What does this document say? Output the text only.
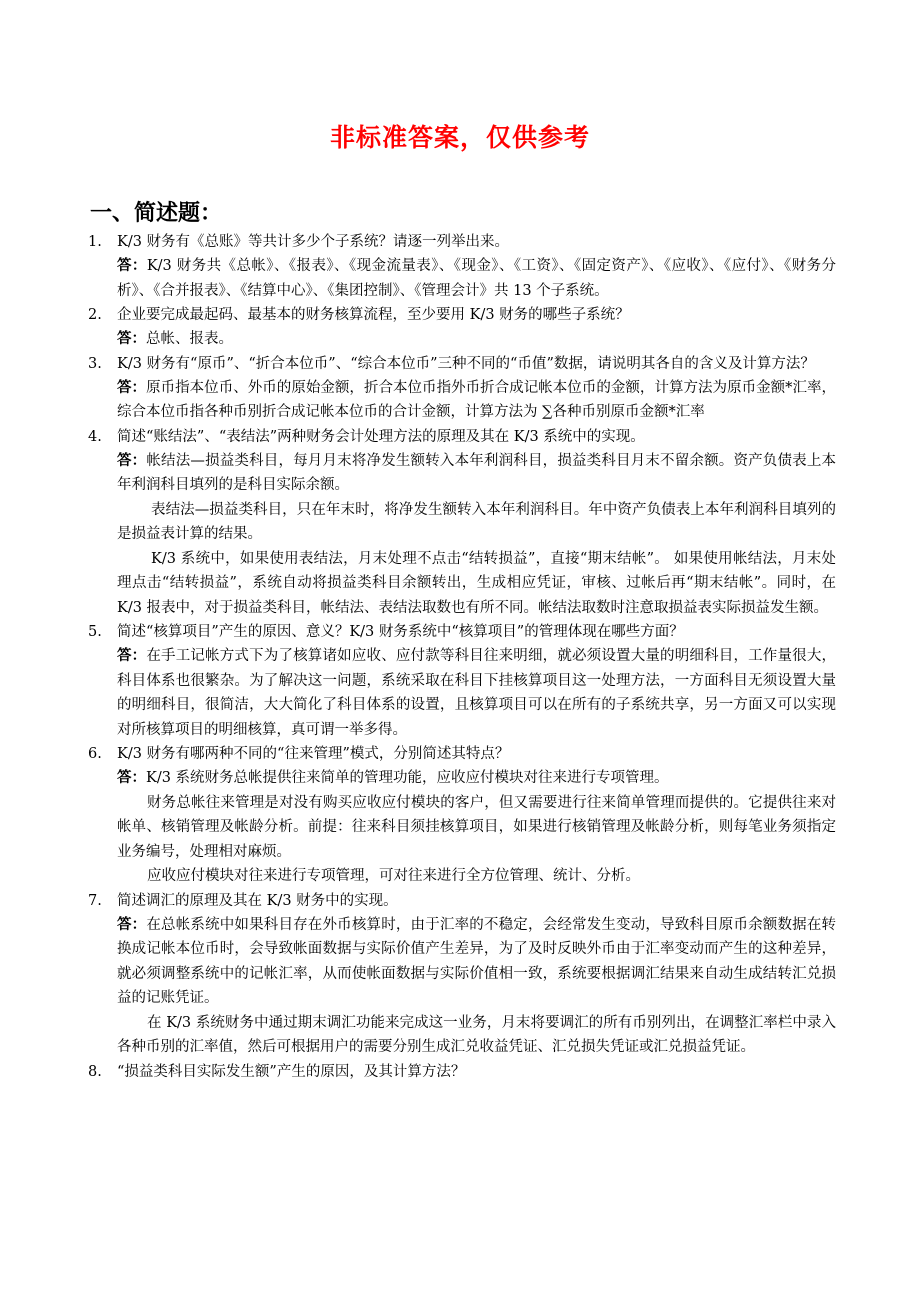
非标准答案，仅供参考
一、简述题：
1. K/3 财务有《总账》等共计多少个子系统？请逐一列举出来。
答：K/3 财务共《总帐》、《报表》、《现金流量表》、《现金》、《工资》、《固定资产》、《应收》、《应付》、《财务分析》、《合并报表》、《结算中心》、《集团控制》、《管理会计》共 13 个子系统。
2. 企业要完成最起码、最基本的财务核算流程，至少要用 K/3 财务的哪些子系统？
答：总帐、报表。
3. K/3 财务有“原币”、“折合本位币”、“综合本位币”三种不同的“币值”数据，请说明其各自的含义及计算方法？
答：原币指本位币、外币的原始金额，折合本位币指外币折合成记帐本位币的金额，计算方法为原币金额*汇率，综合本位币指各种币别折合成记帐本位币的合计金额，计算方法为 ∑各种币别原币金额*汇率
4. 简述“账结法”、“表结法”两种财务会计处理方法的原理及其在 K/3 系统中的实现。
答：帐结法—损益类科目，每月月末将净发生额转入本年利润科目，损益类科目月末不留余额。资产负债表上本年利润科目填列的是科目实际余额。
表结法—损益类科目，只在年末时，将净发生额转入本年利润科目。年中资产负债表上本年利润科目填列的是损益表计算的结果。
K/3 系统中，如果使用表结法，月末处理不点击“结转损益”，直接“期末结帐”。 如果使用帐结法，月末处理点击“结转损益”，系统自动将损益类科目余额转出，生成相应凭证，审核、过帐后再“期末结帐”。同时，在 K/3 报表中，对于损益类科目，帐结法、表结法取数也有所不同。帐结法取数时注意取损益表实际损益发生额。
5. 简述“核算项目”产生的原因、意义？K/3 财务系统中“核算项目”的管理体现在哪些方面？
答：在手工记帐方式下为了核算诸如应收、应付款等科目往来明细，就必须设置大量的明细科目，工作量很大，科目体系也很繁杂。为了解决这一问题，系统采取在科目下挂核算项目这一处理方法，一方面科目无须设置大量的明细科目，很简洁，大大简化了科目体系的设置，且核算项目可以在所有的子系统共享，另一方面又可以实现对所核算项目的明细核算，真可谓一举多得。
6. K/3 财务有哪两种不同的“往来管理”模式，分别简述其特点？
答：K/3 系统财务总帐提供往来简单的管理功能，应收应付模块对往来进行专项管理。
财务总帐往来管理是对没有购买应收应付模块的客户，但又需要进行往来简单管理而提供的。它提供往来对帐单、核销管理及帐龄分析。前提：往来科目须挂核算项目，如果进行核销管理及帐龄分析，则每笔业务须指定业务编号，处理相对麻烦。
应收应付模块对往来进行专项管理，可对往来进行全方位管理、统计、分析。
7. 简述调汇的原理及其在 K/3 财务中的实现。
答：在总帐系统中如果科目存在外币核算时，由于汇率的不稳定，会经常发生变动，导致科目原币余额数据在转换成记帐本位币时，会导致帐面数据与实际价值产生差异，为了及时反映外币由于汇率变动而产生的这种差异，就必须调整系统中的记帐汇率，从而使帐面数据与实际价值相一致，系统要根据调汇结果来自动生成结转汇兑损益的记账凭证。
在 K/3 系统财务中通过期末调汇功能来完成这一业务，月末将要调汇的所有币别列出，在调整汇率栏中录入各种币别的汇率值，然后可根据用户的需要分别生成汇兑收益凭证、汇兑损失凭证或汇兑损益凭证。
8. “损益类科目实际发生额”产生的原因，及其计算方法？
